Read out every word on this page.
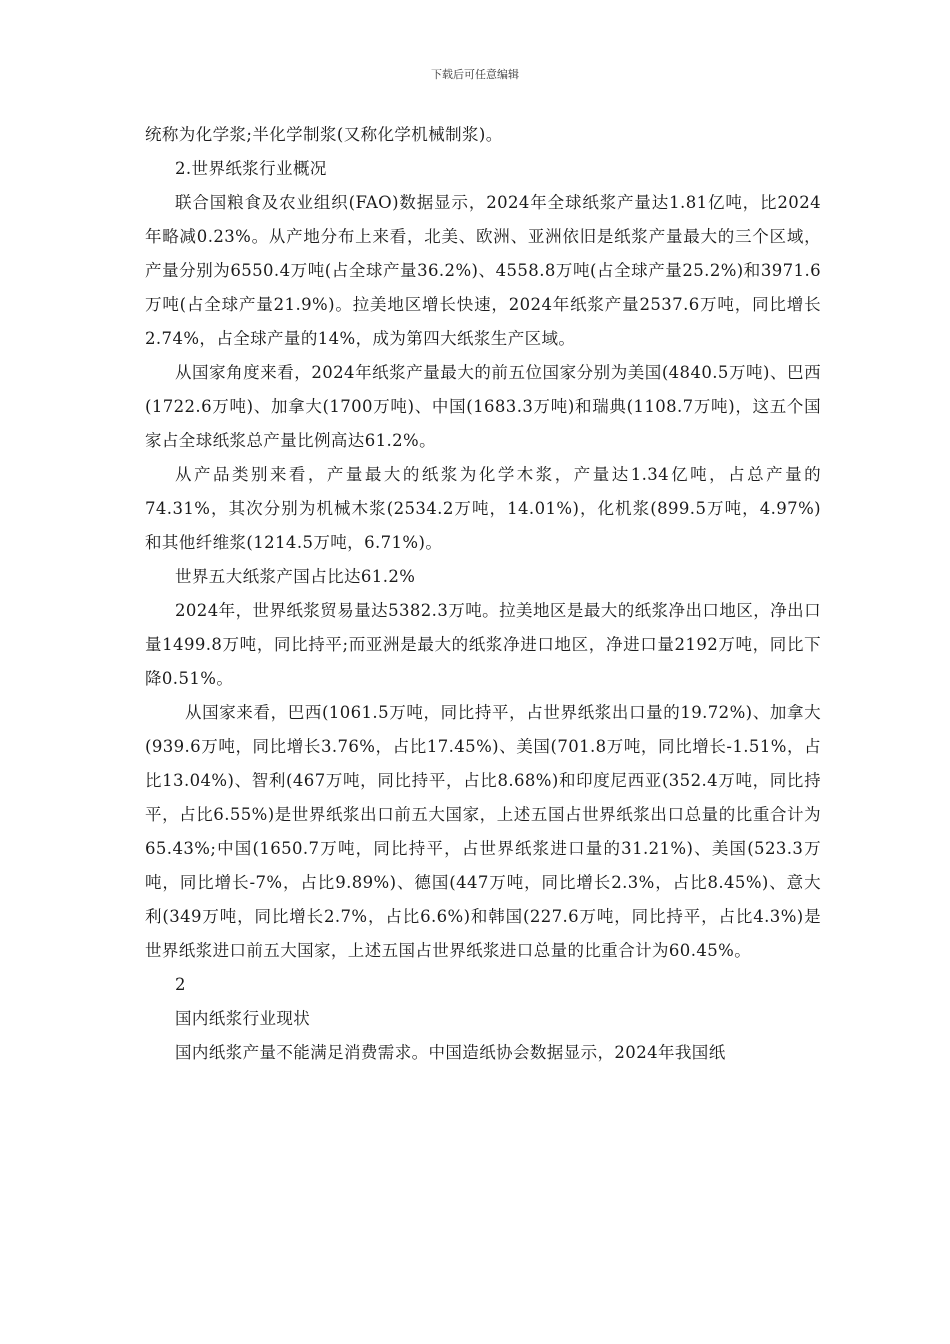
下载后可任意编辑

统称为化学浆;半化学制浆(又称化学机械制浆)。

2.世界纸浆行业概况

联合国粮食及农业组织(FAO)数据显示，2024年全球纸浆产量达1.81亿吨，比2024年略减0.23%。从产地分布上来看，北美、欧洲、亚洲依旧是纸浆产量最大的三个区域，产量分别为6550.4万吨(占全球产量36.2%)、4558.8万吨(占全球产量25.2%)和3971.6万吨(占全球产量21.9%)。拉美地区增长快速，2024年纸浆产量2537.6万吨，同比增长2.74%，占全球产量的14%，成为第四大纸浆生产区域。

从国家角度来看，2024年纸浆产量最大的前五位国家分别为美国(4840.5万吨)、巴西(1722.6万吨)、加拿大(1700万吨)、中国(1683.3万吨)和瑞典(1108.7万吨)，这五个国家占全球纸浆总产量比例高达61.2%。

从产品类别来看，产量最大的纸浆为化学木浆，产量达1.34亿吨，占总产量的74.31%，其次分别为机械木浆(2534.2万吨，14.01%)，化机浆(899.5万吨，4.97%)和其他纤维浆(1214.5万吨，6.71%)。

世界五大纸浆产国占比达61.2%

2024年，世界纸浆贸易量达5382.3万吨。拉美地区是最大的纸浆净出口地区，净出口量1499.8万吨，同比持平;而亚洲是最大的纸浆净进口地区，净进口量2192万吨，同比下降0.51%。

从国家来看，巴西(1061.5万吨，同比持平，占世界纸浆出口量的19.72%)、加拿大(939.6万吨，同比增长3.76%，占比17.45%)、美国(701.8万吨，同比增长-1.51%，占比13.04%)、智利(467万吨，同比持平，占比8.68%)和印度尼西亚(352.4万吨，同比持平，占比6.55%)是世界纸浆出口前五大国家，上述五国占世界纸浆出口总量的比重合计为65.43%;中国(1650.7万吨，同比持平，占世界纸浆进口量的31.21%)、美国(523.3万吨，同比增长-7%，占比9.89%)、德国(447万吨，同比增长2.3%，占比8.45%)、意大利(349万吨，同比增长2.7%，占比6.6%)和韩国(227.6万吨，同比持平，占比4.3%)是世界纸浆进口前五大国家，上述五国占世界纸浆进口总量的比重合计为60.45%。

2

国内纸浆行业现状

国内纸浆产量不能满足消费需求。中国造纸协会数据显示，2024年我国纸
